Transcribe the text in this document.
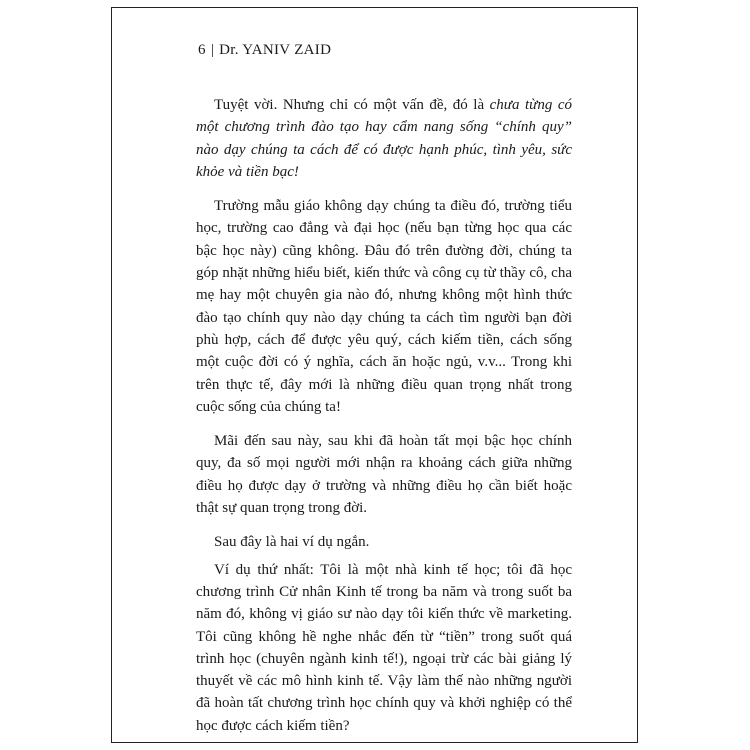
6 | Dr. YANIV ZAID

Tuyệt vời. Nhưng chỉ có một vấn đề, đó là chưa từng có một chương trình đào tạo hay cẩm nang sống “chính quy” nào dạy chúng ta cách để có được hạnh phúc, tình yêu, sức khỏe và tiền bạc!

Trường mẫu giáo không dạy chúng ta điều đó, trường tiểu học, trường cao đẳng và đại học (nếu bạn từng học qua các bậc học này) cũng không. Đâu đó trên đường đời, chúng ta góp nhặt những hiểu biết, kiến thức và công cụ từ thầy cô, cha mẹ hay một chuyên gia nào đó, nhưng không một hình thức đào tạo chính quy nào dạy chúng ta cách tìm người bạn đời phù hợp, cách để được yêu quý, cách kiếm tiền, cách sống một cuộc đời có ý nghĩa, cách ăn hoặc ngủ, v.v... Trong khi trên thực tế, đây mới là những điều quan trọng nhất trong cuộc sống của chúng ta!

Mãi đến sau này, sau khi đã hoàn tất mọi bậc học chính quy, đa số mọi người mới nhận ra khoảng cách giữa những điều họ được dạy ở trường và những điều họ cần biết hoặc thật sự quan trọng trong đời.

Sau đây là hai ví dụ ngắn.

Ví dụ thứ nhất: Tôi là một nhà kinh tế học; tôi đã học chương trình Cử nhân Kinh tế trong ba năm và trong suốt ba năm đó, không vị giáo sư nào dạy tôi kiến thức về marketing. Tôi cũng không hề nghe nhắc đến từ “tiền” trong suốt quá trình học (chuyên ngành kinh tế!), ngoại trừ các bài giảng lý thuyết về các mô hình kinh tế. Vậy làm thế nào những người đã hoàn tất chương trình học chính quy và khởi nghiệp có thể học được cách kiếm tiền?
